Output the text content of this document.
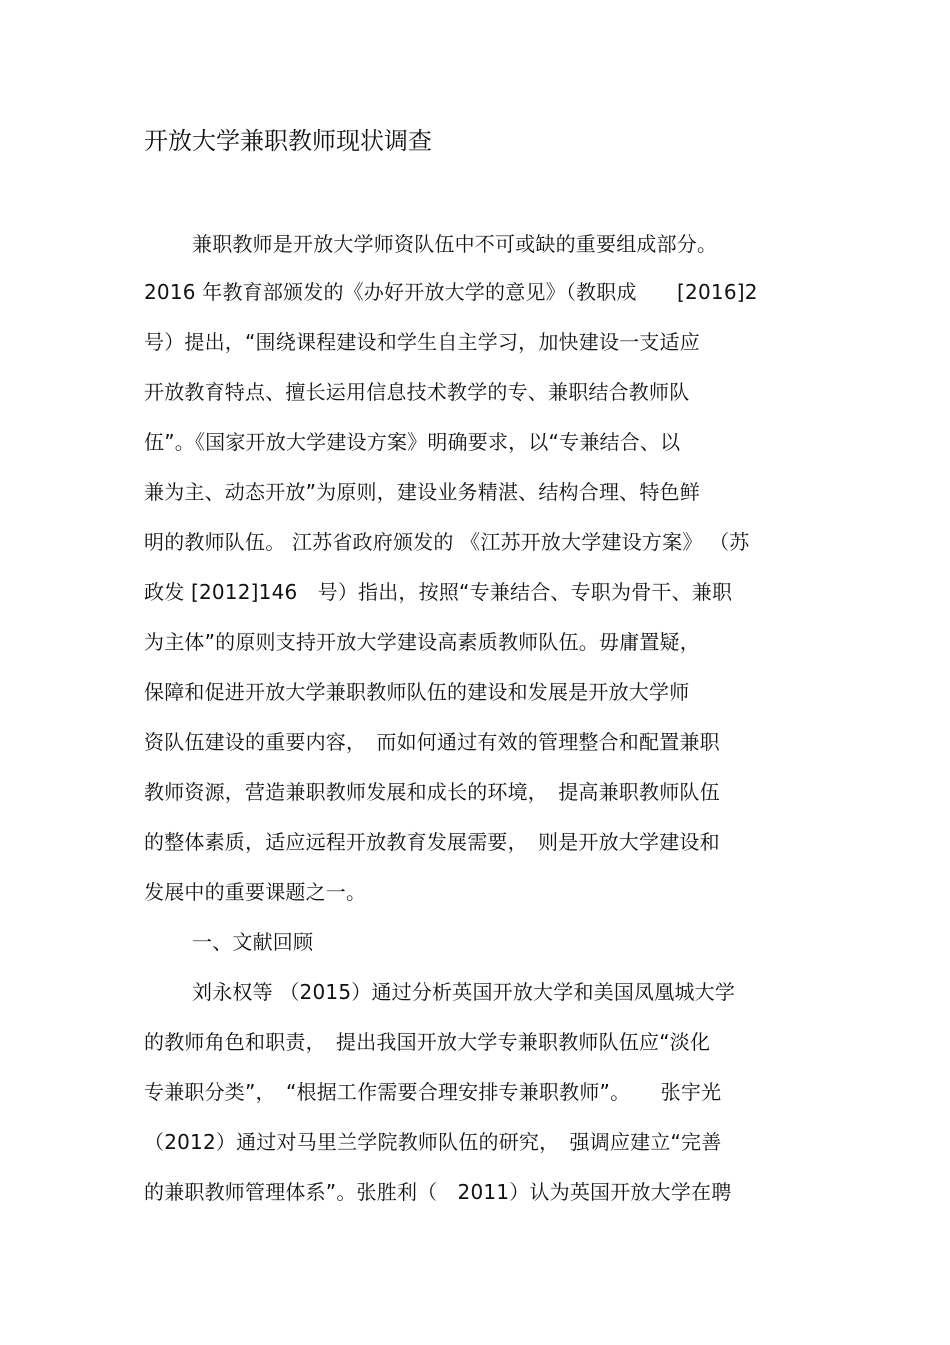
开放大学兼职教师现状调查
兼职教师是开放大学师资队伍中不可或缺的重要组成部分。
2016 年教育部颁发的《办好开放大学的意见》（教职成　　[2016]2
号）提出，“围绕课程建设和学生自主学习，加快建设一支适应
开放教育特点、擅长运用信息技术教学的专、兼职结合教师队
伍”。《国家开放大学建设方案》明确要求，以“专兼结合、以
兼为主、动态开放”为原则，建设业务精湛、结构合理、特色鲜
明的教师队伍。 江苏省政府颁发的 《江苏开放大学建设方案》 （苏
政发 [2012]146　号）指出，按照“专兼结合、专职为骨干、兼职
为主体”的原则支持开放大学建设高素质教师队伍。毋庸置疑，
保障和促进开放大学兼职教师队伍的建设和发展是开放大学师
资队伍建设的重要内容，　而如何通过有效的管理整合和配置兼职
教师资源，营造兼职教师发展和成长的环境，　提高兼职教师队伍
的整体素质，适应远程开放教育发展需要，　则是开放大学建设和
发展中的重要课题之一。
一、文献回顾
刘永权等 （2015）通过分析英国开放大学和美国凤凰城大学
的教师角色和职责，　提出我国开放大学专兼职教师队伍应“淡化
专兼职分类”，　“根据工作需要合理安排专兼职教师”。　　张宇光
（2012）通过对马里兰学院教师队伍的研究，　强调应建立“完善
的兼职教师管理体系”。张胜利（　2011）认为英国开放大学在聘
